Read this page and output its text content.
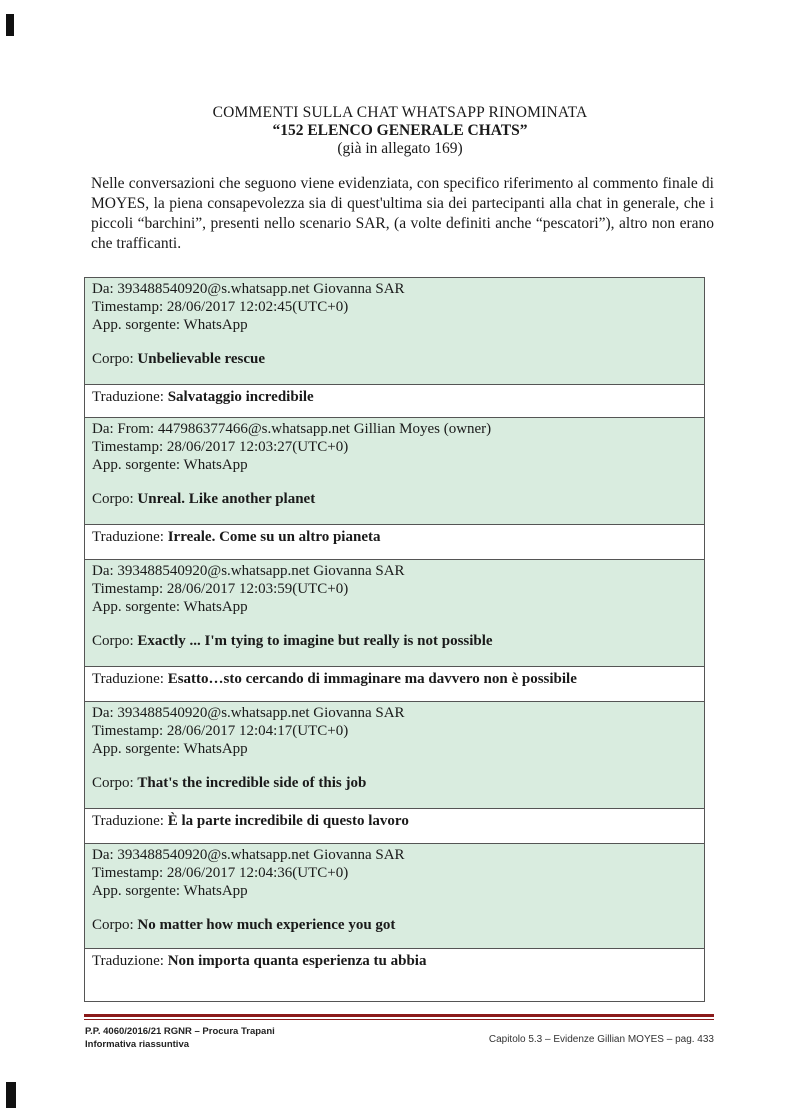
COMMENTI SULLA CHAT WHATSAPP RINOMINATA
“152 ELENCO GENERALE CHATS”
(già in allegato 169)
Nelle conversazioni che seguono viene evidenziata, con specifico riferimento al commento finale di MOYES, la piena consapevolezza sia di quest'ultima sia dei partecipanti alla chat in generale, che i piccoli “barchini”, presenti nello scenario SAR, (a volte definiti anche “pescatori”), altro non erano che trafficanti.
Da: 393488540920@s.whatsapp.net Giovanna SAR
Timestamp: 28/06/2017 12:02:45(UTC+0)
App. sorgente: WhatsApp
Corpo: Unbelievable rescue
Traduzione: Salvataggio incredibile
Da: From: 447986377466@s.whatsapp.net Gillian Moyes (owner)
Timestamp: 28/06/2017 12:03:27(UTC+0)
App. sorgente: WhatsApp
Corpo: Unreal. Like another planet
Traduzione: Irreale. Come su un altro pianeta
Da: 393488540920@s.whatsapp.net Giovanna SAR
Timestamp: 28/06/2017 12:03:59(UTC+0)
App. sorgente: WhatsApp
Corpo: Exactly ... I'm tying to imagine but really is not possible
Traduzione: Esatto…sto cercando di immaginare ma davvero non è possibile
Da: 393488540920@s.whatsapp.net Giovanna SAR
Timestamp: 28/06/2017 12:04:17(UTC+0)
App. sorgente: WhatsApp
Corpo: That's the incredible side of this job
Traduzione: È la parte incredibile di questo lavoro
Da: 393488540920@s.whatsapp.net Giovanna SAR
Timestamp: 28/06/2017 12:04:36(UTC+0)
App. sorgente: WhatsApp
Corpo: No matter how much experience you got
Traduzione: Non importa quanta esperienza tu abbia
P.P. 4060/2016/21 RGNR – Procura Trapani
Informativa riassuntiva	Capitolo 5.3 – Evidenze Gillian MOYES – pag. 433
